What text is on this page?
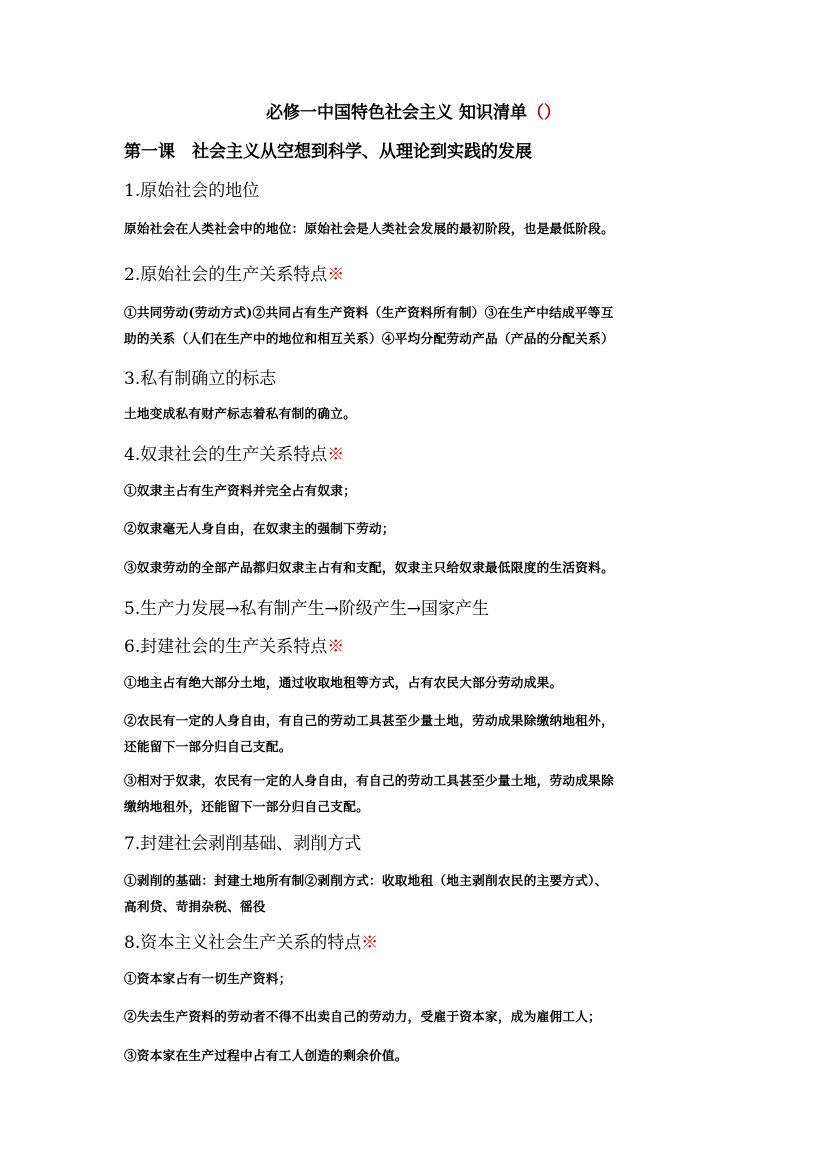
必修一中国特色社会主义 知识清单（）
第一课　社会主义从空想到科学、从理论到实践的发展
1.原始社会的地位
原始社会在人类社会中的地位：原始社会是人类社会发展的最初阶段，也是最低阶段。
2.原始社会的生产关系特点※
①共同劳动(劳动方式)②共同占有生产资料（生产资料所有制）③在生产中结成平等互
助的关系（人们在生产中的地位和相互关系）④平均分配劳动产品（产品的分配关系）
3.私有制确立的标志
土地变成私有财产标志着私有制的确立。
4.奴隶社会的生产关系特点※
①奴隶主占有生产资料并完全占有奴隶；
②奴隶毫无人身自由，在奴隶主的强制下劳动；
③奴隶劳动的全部产品都归奴隶主占有和支配，奴隶主只给奴隶最低限度的生活资料。
5.生产力发展→私有制产生→阶级产生→国家产生
6.封建社会的生产关系特点※
①地主占有绝大部分土地，通过收取地租等方式，占有农民大部分劳动成果。
②农民有一定的人身自由，有自己的劳动工具甚至少量土地，劳动成果除缴纳地租外，
还能留下一部分归自己支配。
③相对于奴隶，农民有一定的人身自由，有自己的劳动工具甚至少量土地，劳动成果除
缴纳地租外，还能留下一部分归自己支配。
7.封建社会剥削基础、剥削方式
①剥削的基础：封建土地所有制②剥削方式：收取地租（地主剥削农民的主要方式）、
高利贷、苛捐杂税、徭役
8.资本主义社会生产关系的特点※
①资本家占有一切生产资料；
②失去生产资料的劳动者不得不出卖自己的劳动力，受雇于资本家，成为雇佣工人；
③资本家在生产过程中占有工人创造的剩余价值。
